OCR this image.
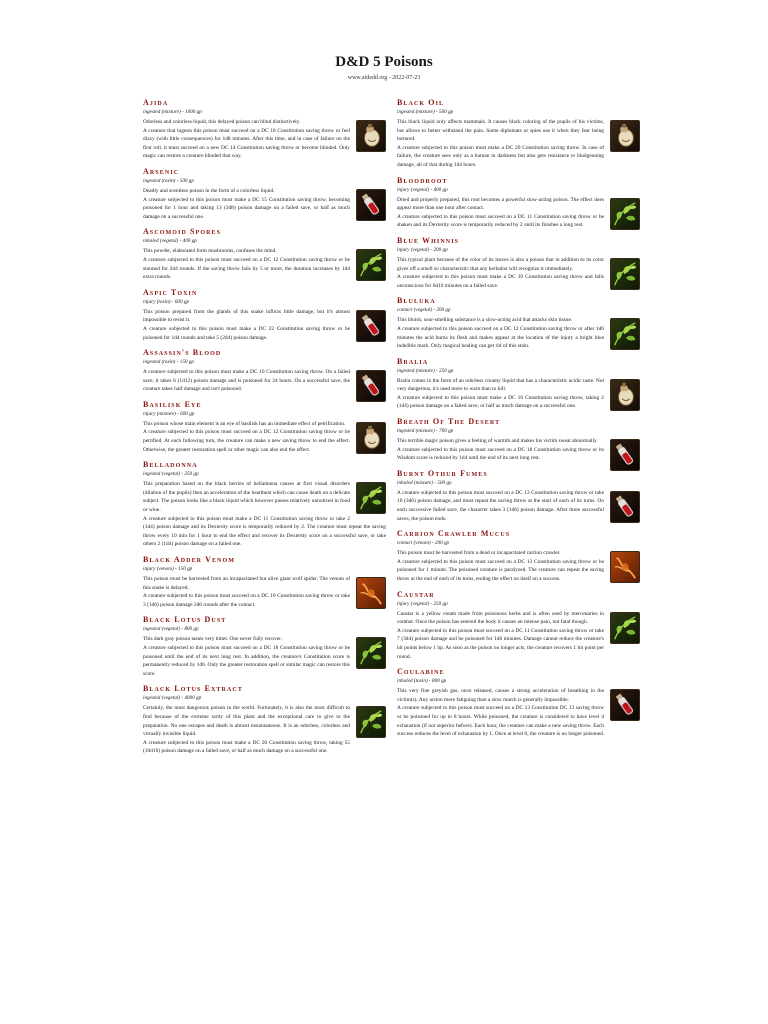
D&D 5 Poisons
www.aidedd.org - 2022-07-23
Ajida
ingested (mixture) - 1000 gp

Odorless and colorless liquid, this delayed poison can blind distinctively.

A creature that ingests this poison must succeed on a DC 18 Constitution saving throw or feel dizzy (with little consequences) for 1d8 minutes. After this time, and in case of failure on the first roll, it must succeed on a new DC 14 Constitution saving throw or become blinded. Only magic can restore a creature blinded that way.

Arsenic
ingested (toxin) - 500 gp

Deadly and scentless poison in the form of a colorless liquid.

A creature subjected to this poison must make a DC 15 Constitution saving throw, becoming poisoned for 1 hour and taking 13 (3d8) poison damage on a failed save, or half as much damage on a successful one.

Ascomoid Spores
inhaled (vegetal) - 400 gp

This powder, elaborated form mushrooms, confuses the mind.

A creature subjected to this poison must succeed on a DC 12 Constitution saving throw or be stunned for 2d4 rounds. If the saving throw fails by 5 or more, the duration increases by 1d4 extra rounds.

Aspic Toxin
injury (toxin) - 600 gp

This poison prepared from the glands of this snake inflicts little damage, but it's almost impossible to resist it.

A creature subjected to this poison must make a DC 22 Constitution saving throw or be poisoned for 1d4 rounds and take 5 (2d4) poison damage.

Assassin's Blood
ingested (toxin) - 150 gp

A creature subjected to this poison must make a DC 10 Constitution saving throw. On a failed save, it takes 6 (1d12) poison damage and is poisoned for 24 hours. On a successful save, the creature takes half damage and isn't poisoned.

Basilisk Eye
injury (mixture) - 600 gp

This poison whose main element is an eye of basilisk has an immediate effect of petrification.

A creature subjected to this poison must succeed on a DC 12 Constitution saving throw or be petrified. At each following turn, the creature can make a new saving throw to end the effect. Otherwise, the greater restoration spell or other magic can also end the effect.

Belladonna
ingested (vegetal) - 250 gp

This preparation based on the black berries of belladonna causes at first visual disorders (dilation of the pupils) then an acceleration of the heartbeat which can cause death on a delicate subject. The poison looks like a black liquid which however passes relatively unnoticed in food or wine.

A creature subjected to this poison must make a DC 11 Constitution saving throw or take 2 (1d4) poison damage and its Dexterity score is temporarily reduced by 2. The creature must repeat the saving throw every 10 min for 1 hour to end the effect and recover its Dexterity score on a successful save, or take others 2 (1d4) poison damage on a failed one.

Black Adder Venom
injury (venom) - 150 gp

This poison must be harvested from an incapacitated but alive giant wolf spider. The venom of this snake is delayed.

A creature subjected to this poison must succeed on a DC 10 Constitution saving throw or take 3 (1d6) poison damage 2d6 rounds after the contact.

Black Lotus Dust
ingested (vegetal) - 800 gp

This dark gray poison tastes very bitter. One never fully recover.

A creature subjected to this poison must succeed on a DC 18 Constitution saving throw or be poisoned until the end of its next long rest. In addition, the creature's Constitution score is permanently reduced by 1d6. Only the greater restoration spell or similar magic can restore this score.

Black Lotus Extract
ingested (vegetal) - 4000 gp

Certainly, the most dangerous poison in the world. Fortunately, it is also the most difficult to find because of the extreme rarity of this plant and the exceptional care to give to the preparation. No one escapes and death is almost instantaneous. It is an odorless, colorless and virtually invisible liquid.

A creature subjected to this poison must make a DC 20 Constitution saving throw, taking 55 (10d10) poison damage on a failed save, or half as much damage on a successful one.

Black Oil
ingested (mixture) - 500 gp

This black liquid only affects mammals. It causes black coloring of the pupils of his victims, but allows to better withstand the pain. Some diplomats or spies use it when they fear being tortured.

A creature subjected to this poison must make a DC 20 Constitution saving throw. In case of failure, the creature sees only as a human in darkness but also gets resistance to bludgeoning damage, all of that during 1d4 hours.

Bloodroot
injury (vegetal) - 400 gp

Dried and properly prepared, this root becomes a powerful slow-acting poison. The effect does appear more than one hour after contact.

A creature subjected to this poison must succeed on a DC 11 Constitution saving throw or be shaken and its Dexterity score is temporarily reduced by 2 until its finishes a long rest.

Blue Whinnis
injury (vegetal) - 200 gp

This typical plant because of the color of its leaves is also a poison that in addition to its color gives off a smell so characteristic that any herbalist will recognize it immediately.

A creature subjected to this poison must make a DC 10 Constitution saving throw and falls unconscious for 6d10 minutes on a failed save.

Bluluka
contact (vegetal) - 200 gp

This bluish, sour-smelling substance is a slow-acting acid that attacks skin tissue.

A creature subjected to this poison succeed on a DC 12 Constitution saving throw or after 1d6 minutes the acid burns its flesh and makes appear at the location of the injury a bright blue indelible mark. Only magical healing can get rid of this stain.

Bralia
ingested (mixture) - 250 gp

Bralia comes in the form of an odorless creamy liquid that has a characteristic acidic taste. Not very dangerous, it's used more to warn than to kill.

A creature subjected to this poison must make a DC 16 Constitution saving throw, taking 2 (1d4) poison damage on a failed save, or half as much damage on a successful one.

Breath Of The Desert
ingested (mixture) - 700 gp

This terrible magic poison gives a feeling of warmth and makes his victim sweat abnormally.

A creature subjected to this poison must succeed on a DC 18 Constitution saving throw or its Wisdom score is reduced by 1d4 until the end of its next long rest.

Burnt Othur Fumes
inhaled (mixture) - 500 gp

A creature subjected to this poison must succeed on a DC 13 Constitution saving throw or take 10 (3d6) poison damage, and must repeat the saving throw at the start of each of its turns. On each successive failed save, the character takes 3 (1d6) poison damage. After three successful saves, the poison ends.

Carrion Crawler Mucus
contact (venom) - 200 gp

This poison must be harvested from a dead or incapacitated carrion crawler.

A creature subjected to this poison must succeed on a DC 13 Constitution saving throw or be poisoned for 1 minute. The poisoned creature is paralyzed. The creature can repeat the saving throw at the end of each of its turns, ending the effect on itself on a success.

Caustar
injury (vegetal) - 250 gp

Caustar is a yellow cream made from poisonous herbs and is often used by mercenaries in combat. Once the poison has entered the body it causes an intense pain, not fatal though.

A creature subjected to this poison must succeed on a DC 11 Constitution saving throw or take 7 (3d4) poison damage and be poisoned for 1d6 minutes. Damage cannot reduce the creature's hit points below 1 hp. As soon as the poison no longer acts, the creature recovers 1 hit point per round.

Coulabine
inhaled (toxin) - 800 gp

This very fine greyish gas, once released, causes a strong acceleration of breathing in the victim(s). Any action more fatiguing than a slow march is generally impossible.

A creature subjected to this poison must succeed on a DC 13 Constitution DC 13 saving throw or be poisoned for up to 8 hours. While poisoned, the creature is considered to have level 4 exhaustion (if not superior before). Each hour, the creature can make a new saving throw. Each success reduces the level of exhaustion by 1. Once at level 0, the creature is no longer poisoned.
